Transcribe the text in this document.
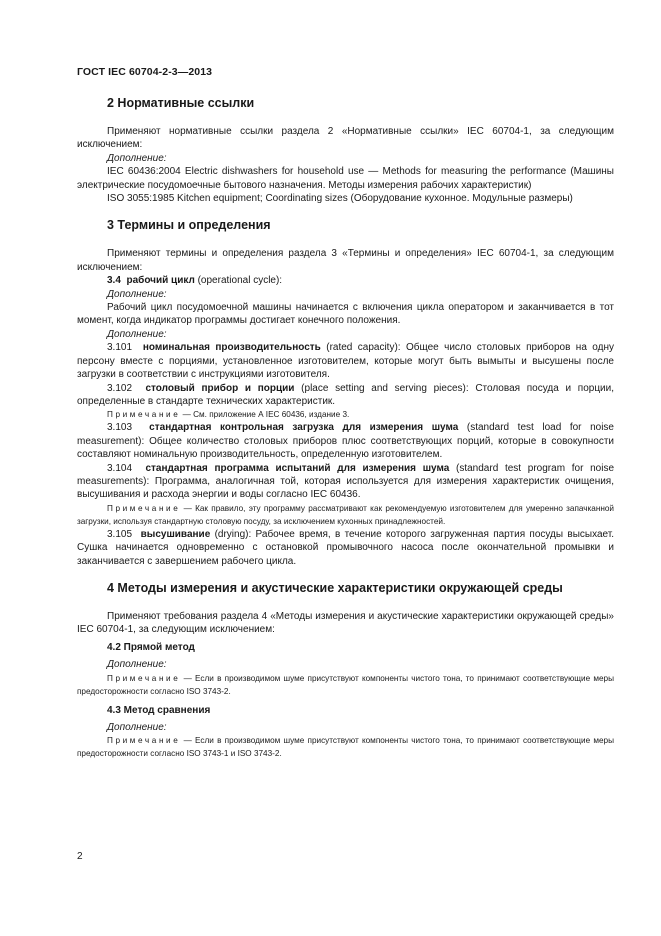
ГОСТ IEC 60704-2-3—2013
2 Нормативные ссылки

Применяют нормативные ссылки раздела 2 «Нормативные ссылки» IEC 60704-1, за следующим исключением:

Дополнение:

IEC 60436:2004 Electric dishwashers for household use — Methods for measuring the performance (Машины электрические посудомоечные бытового назначения. Методы измерения рабочих характеристик)

ISO 3055:1985 Kitchen equipment; Coordinating sizes (Оборудование кухонное. Модульные размеры)

3 Термины и определения

Применяют термины и определения раздела 3 «Термины и определения» IEC 60704-1, за следующим исключением:

3.4 рабочий цикл (operational cycle):

Дополнение:

Рабочий цикл посудомоечной машины начинается с включения цикла оператором и заканчивается в тот момент, когда индикатор программы достигает конечного положения.

Дополнение:

3.101 номинальная производительность (rated capacity): Общее число столовых приборов на одну персону вместе с порциями, установленное изготовителем, которые могут быть вымыты и высушены после загрузки в соответствии с инструкциями изготовителя.

3.102 столовый прибор и порции (place setting and serving pieces): Столовая посуда и порции, определенные в стандарте технических характеристик.

Примечание — См. приложение А IEC 60436, издание 3.

3.103 стандартная контрольная загрузка для измерения шума (standard test load for noise measurement): Общее количество столовых приборов плюс соответствующих порций, которые в совокупности составляют номинальную производительность, определенную изготовителем.

3.104 стандартная программа испытаний для измерения шума (standard test program for noise measurements): Программа, аналогичная той, которая используется для измерения характеристик очищения, высушивания и расхода энергии и воды согласно IEC 60436.

Примечание — Как правило, эту программу рассматривают как рекомендуемую изготовителем для умеренно запачканной загрузки, используя стандартную столовую посуду, за исключением кухонных принадлежностей.

3.105 высушивание (drying): Рабочее время, в течение которого загруженная партия посуды высыхает. Сушка начинается одновременно с остановкой промывочного насоса после окончательной промывки и заканчивается с завершением рабочего цикла.

4 Методы измерения и акустические характеристики окружающей среды

Применяют требования раздела 4 «Методы измерения и акустические характеристики окружающей среды» IEC 60704-1, за следующим исключением:

4.2 Прямой метод

Дополнение:

Примечание — Если в производимом шуме присутствуют компоненты чистого тона, то принимают соответствующие меры предосторожности согласно ISO 3743-2.

4.3 Метод сравнения

Дополнение:

Примечание — Если в производимом шуме присутствуют компоненты чистого тона, то принимают соответствующие меры предосторожности согласно ISO 3743-1 и ISO 3743-2.

2
